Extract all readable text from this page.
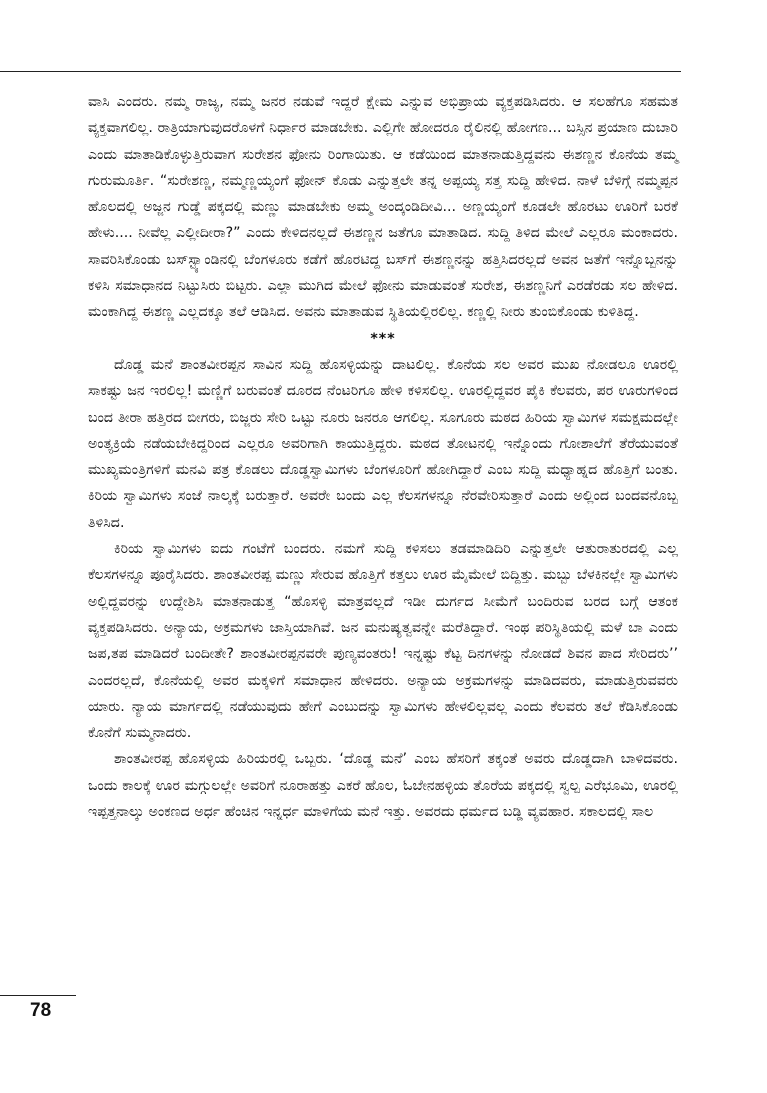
ವಾಸಿ ಎಂದರು. ನಮ್ಮ ರಾಜ್ಯ, ನಮ್ಮ ಜನರ ನಡುವೆ ಇದ್ದರೆ ಕ್ಷೇಮ ಎನ್ನುವ ಅಭಿಪ್ರಾಯ ವ್ಯಕ್ತಪಡಿಸಿದರು. ಆ ಸಲಹೆಗೂ ಸಹಮತ ವ್ಯಕ್ತವಾಗಲಿಲ್ಲ. ರಾತ್ರಿಯಾಗುವುದರೊಳಗೆ ನಿರ್ಧಾರ ಮಾಡಬೇಕು. ಎಲ್ಲಿಗೇ ಹೋದರೂ ರೈಲಿನಲ್ಲಿ ಹೋಗಣ... ಬಸ್ಸಿನ ಪ್ರಯಾಣ ದುಬಾರಿ ಎಂದು ಮಾತಾಡಿಕೊಳ್ಳುತ್ತಿರುವಾಗ ಸುರೇಶನ ಫೋನು ರಿಂಗಾಯಿತು. ಆ ಕಡೆಯಿಂದ ಮಾತನಾಡುತ್ತಿದ್ದವನು ಈಶಣ್ಣನ ಕೊನೆಯ ತಮ್ಮ ಗುರುಮೂರ್ತಿ. “ಸುರೇಶಣ್ಣ, ನಮ್ಮಣ್ಣಯ್ಯಂಗೆ ಫೋನ್ ಕೊಡು ಎನ್ನುತ್ತಲೇ ತನ್ನ ಅಪ್ಪಯ್ಯ ಸತ್ತ ಸುದ್ದಿ ಹೇಳಿದ. ನಾಳೆ ಬೆಳಿಗ್ಗೆ ನಮ್ಮಪ್ಪನ ಹೊಲದಲ್ಲಿ ಅಜ್ಜನ ಗುಡ್ಡೆ ಪಕ್ಕದಲ್ಲಿ ಮಣ್ಣು ಮಾಡಬೇಕು ಅಮ್ಮ ಅಂದ್ಕಂಡಿದೀವಿ... ಅಣ್ಣಯ್ಯಂಗೆ ಕೂಡಲೇ ಹೊರಟು ಊರಿಗೆ ಬರಕೆ ಹೇಳು.... ನೀವೆಲ್ಲ ಎಲ್ಲೀದೀರಾ?” ಎಂದು ಕೇಳಿದನಲ್ಲದೆ ಈಶಣ್ಣನ ಜತೆಗೂ ಮಾತಾಡಿದ. ಸುದ್ದಿ ತಿಳಿದ ಮೇಲೆ ಎಲ್ಲರೂ ಮಂಕಾದರು. ಸಾವರಿಸಿಕೊಂಡು ಬಸ್‌ಸ್ಟ್ಯಾಂಡಿನಲ್ಲಿ ಬೆಂಗಳೂರು ಕಡೆಗೆ ಹೊರಟಿದ್ದ ಬಸ್‌ಗೆ ಈಶಣ್ಣನನ್ನು ಹತ್ತಿಸಿದರಲ್ಲದೆ ಅವನ ಜತೆಗೆ ಇನ್ನೊಬ್ಬನನ್ನು ಕಳಿಸಿ ಸಮಾಧಾನದ ನಿಟ್ಟುಸಿರು ಬಿಟ್ಟರು. ಎಲ್ಲಾ ಮುಗಿದ ಮೇಲೆ ಫೋನು ಮಾಡುವಂತೆ ಸುರೇಶ, ಈಶಣ್ಣನಿಗೆ ಎರಡೆರಡು ಸಲ ಹೇಳಿದ. ಮಂಕಾಗಿದ್ದ ಈಶಣ್ಣ ಎಲ್ಲದಕ್ಕೂ ತಲೆ ಆಡಿಸಿದ. ಅವನು ಮಾತಾಡುವ ಸ್ಥಿತಿಯಲ್ಲಿರಲಿಲ್ಲ. ಕಣ್ಣಲ್ಲಿ ನೀರು ತುಂಬಿಕೊಂಡು ಕುಳಿತಿದ್ದ.

***

ದೊಡ್ಡ ಮನೆ ಶಾಂತವೀರಪ್ಪನ ಸಾವಿನ ಸುದ್ದಿ ಹೊಸಳ್ಳಿಯನ್ನು ದಾಟಲಿಲ್ಲ. ಕೊನೆಯ ಸಲ ಅವರ ಮುಖ ನೋಡಲೂ ಊರಲ್ಲಿ ಸಾಕಷ್ಟು ಜನ ಇರಲಿಲ್ಲ! ಮಣ್ಣಿಗೆ ಬರುವಂತೆ ದೂರದ ನೆಂಟರಿಗೂ ಹೇಳಿ ಕಳಿಸಲಿಲ್ಲ. ಊರಲ್ಲಿದ್ದವರ ಪೈಕಿ ಕೆಲವರು, ಪರ ಊರುಗಳಿಂದ ಬಂದ ತೀರಾ ಹತ್ತಿರದ ಬೀಗರು, ಬಿಜ್ಜರು ಸೇರಿ ಒಟ್ಟು ನೂರು ಜನರೂ ಆಗಲಿಲ್ಲ. ಸೂಗೂರು ಮಠದ ಹಿರಿಯ ಸ್ವಾಮಿಗಳ ಸಮಕ್ಷಮದಲ್ಲೇ ಅಂತ್ಯಕ್ರಿಯೆ ನಡೆಯಬೇಕಿದ್ದರಿಂದ ಎಲ್ಲರೂ ಅವರಿಗಾಗಿ ಕಾಯುತ್ತಿದ್ದರು. ಮಠದ ತೋಟನಲ್ಲಿ ಇನ್ನೊಂದು ಗೋಶಾಲೆಗೆ ತೆರೆಯುವಂತೆ ಮುಖ್ಯಮಂತ್ರಿಗಳಿಗೆ ಮನವಿ ಪತ್ರ ಕೊಡಲು ದೊಡ್ಡಸ್ವಾಮಿಗಳು ಬೆಂಗಳೂರಿಗೆ ಹೋಗಿದ್ದಾರೆ ಎಂಬ ಸುದ್ದಿ ಮಧ್ಯಾಹ್ನದ ಹೊತ್ತಿಗೆ ಬಂತು. ಕಿರಿಯ ಸ್ವಾಮಿಗಳು ಸಂಜೆ ನಾಲ್ಕಕ್ಕೆ ಬರುತ್ತಾರೆ. ಅವರೇ ಬಂದು ಎಲ್ಲ ಕೆಲಸಗಳನ್ನೂ ನೆರವೇರಿಸುತ್ತಾರೆ ಎಂದು ಅಲ್ಲಿಂದ ಬಂದವನೊಬ್ಬ ತಿಳಿಸಿದ.

ಕಿರಿಯ ಸ್ವಾಮಿಗಳು ಐದು ಗಂಟೆಗೆ ಬಂದರು. ನಮಗೆ ಸುದ್ದಿ ಕಳಿಸಲು ತಡಮಾಡಿದಿರಿ ಎನ್ನುತ್ತಲೇ ಆತುರಾತುರದಲ್ಲಿ ಎಲ್ಲ ಕೆಲಸಗಳನ್ನೂ ಪೂರೈಸಿದರು. ಶಾಂತವೀರಪ್ಪ ಮಣ್ಣು ಸೇರುವ ಹೊತ್ತಿಗೆ ಕತ್ತಲು ಊರ ಮೈಮೇಲೆ ಬಿದ್ದಿತ್ತು. ಮಬ್ಬು ಬೆಳಕಿನಲ್ಲೇ ಸ್ವಾಮಿಗಳು ಅಲ್ಲಿದ್ದವರನ್ನು ಉದ್ದೇಶಿಸಿ ಮಾತನಾಡುತ್ತ “ಹೊಸಳ್ಳಿ ಮಾತ್ರವಲ್ಲದೆ ಇಡೀ ದುರ್ಗದ ಸೀಮೆಗೆ ಬಂದಿರುವ ಬರದ ಬಗ್ಗೆ ಆತಂಕ ವ್ಯಕ್ತಪಡಿಸಿದರು. ಅನ್ಯಾಯ, ಅಕ್ರಮಗಳು ಜಾಸ್ತಿಯಾಗಿವೆ. ಜನ ಮನುಷ್ಯತ್ವವನ್ನೇ ಮರೆತಿದ್ದಾರೆ. ಇಂಥ ಪರಿಸ್ಥಿತಿಯಲ್ಲಿ ಮಳೆ ಬಾ ಎಂದು ಜಪ,ತಪ ಮಾಡಿದರೆ ಬಂದೀತೇ? ಶಾಂತವೀರಪ್ಪನವರೇ ಪುಣ್ಯವಂತರು! ಇನ್ನಷ್ಟು ಕೆಟ್ಟ ದಿನಗಳನ್ನು ನೋಡದೆ ಶಿವನ ಪಾದ ಸೇರಿದರು’’ ಎಂದರಲ್ಲದೆ, ಕೊನೆಯಲ್ಲಿ ಅವರ ಮಕ್ಕಳಿಗೆ ಸಮಾಧಾನ ಹೇಳಿದರು. ಅನ್ಯಾಯ ಅಕ್ರಮಗಳನ್ನು ಮಾಡಿದವರು, ಮಾಡುತ್ತಿರುವವರು ಯಾರು. ನ್ಯಾಯ ಮಾರ್ಗದಲ್ಲಿ ನಡೆಯುವುದು ಹೇಗೆ ಎಂಬುದನ್ನು ಸ್ವಾಮಿಗಳು ಹೇಳಲಿಲ್ಲವಲ್ಲ ಎಂದು ಕೆಲವರು ತಲೆ ಕೆಡಿಸಿಕೊಂಡು ಕೊನೆಗೆ ಸುಮ್ಮನಾದರು.

ಶಾಂತವೀರಪ್ಪ ಹೊಸಳ್ಳಿಯ ಹಿರಿಯರಲ್ಲಿ ಒಬ್ಬರು. ‘ದೊಡ್ಡ ಮನೆ’ ಎಂಬ ಹೆಸರಿಗೆ ತಕ್ಕಂತೆ ಅವರು ದೊಡ್ಡದಾಗಿ ಬಾಳಿದವರು. ಒಂದು ಕಾಲಕ್ಕೆ ಊರ ಮಗ್ಗುಲಲ್ಲೇ ಅವರಿಗೆ ನೂರಾಹತ್ತು ಎಕರೆ ಹೊಲ, ಓಬೇನಹಳ್ಳಿಯ ತೊರೆಯ ಪಕ್ಕದಲ್ಲಿ ಸ್ವಲ್ಪ ಎರೆಭೂಮಿ, ಊರಲ್ಲಿ ಇಪ್ಪತ್ತನಾಲ್ಕು ಅಂಕಣದ ಅರ್ಧ ಹೆಂಚಿನ ಇನ್ನರ್ಧ ಮಾಳಿಗೆಯ ಮನೆ ಇತ್ತು. ಅವರದು ಧರ್ಮದ ಬಡ್ಡಿ ವ್ಯವಹಾರ. ಸಕಾಲದಲ್ಲಿ ಸಾಲ

78
